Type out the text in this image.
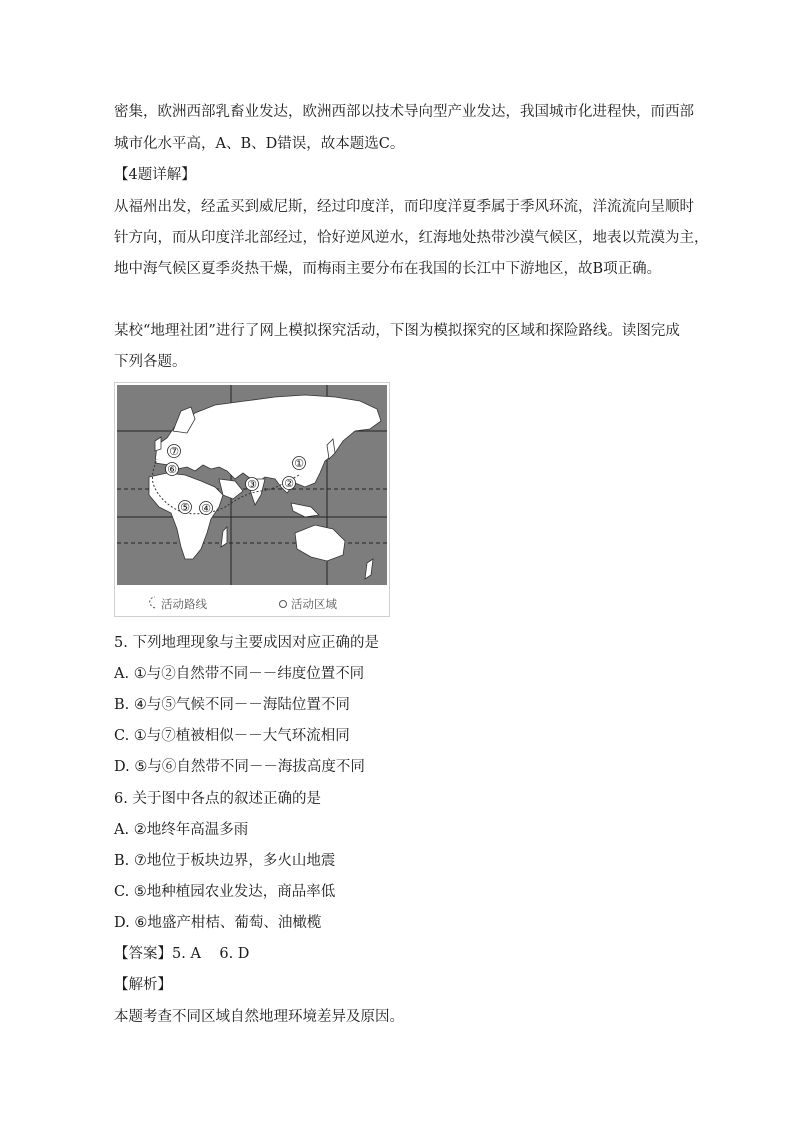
密集，欧洲西部乳畜业发达，欧洲西部以技术导向型产业发达，我国城市化进程快，而西部
城市化水平高，A、B、D错误，故本题选C。
【4题详解】
从福州出发，经孟买到威尼斯，经过印度洋，而印度洋夏季属于季风环流，洋流流向呈顺时
针方向，而从印度洋北部经过，恰好逆风逆水，红海地处热带沙漠气候区，地表以荒漠为主，
地中海气候区夏季炎热干燥，而梅雨主要分布在我国的长江中下游地区，故B项正确。
某校“地理社团”进行了网上模拟探究活动，下图为模拟探究的区域和探险路线。读图完成
下列各题。
①
②
③
④
⑤
⑥
⑦
活动路线	活动区域
5. 下列地理现象与主要成因对应正确的是
A. ①与②自然带不同－－纬度位置不同
B. ④与⑤气候不同－－海陆位置不同
C. ①与⑦植被相似－－大气环流相同
D. ⑤与⑥自然带不同－－海拔高度不同
6. 关于图中各点的叙述正确的是
A. ②地终年高温多雨
B. ⑦地位于板块边界，多火山地震
C. ⑤地种植园农业发达，商品率低
D. ⑥地盛产柑桔、葡萄、油橄榄
【答案】5. A    6. D
【解析】
本题考查不同区域自然地理环境差异及原因。
